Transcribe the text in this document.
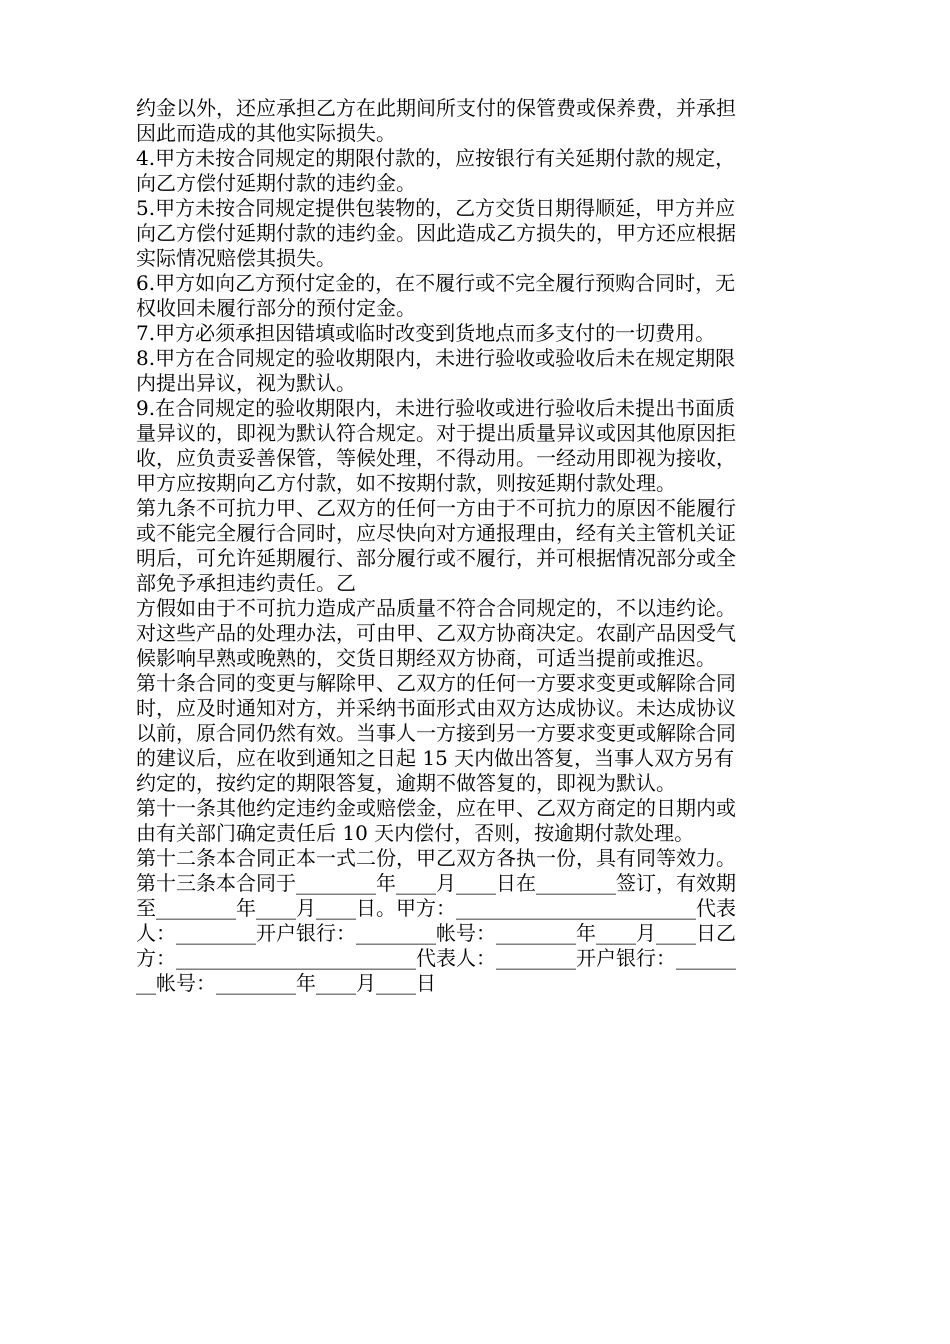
约金以外，还应承担乙方在此期间所支付的保管费或保养费，并承担
因此而造成的其他实际损失。
4.甲方未按合同规定的期限付款的，应按银行有关延期付款的规定，
向乙方偿付延期付款的违约金。
5.甲方未按合同规定提供包装物的，乙方交货日期得顺延，甲方并应
向乙方偿付延期付款的违约金。因此造成乙方损失的，甲方还应根据
实际情况赔偿其损失。
6.甲方如向乙方预付定金的，在不履行或不完全履行预购合同时，无
权收回未履行部分的预付定金。
7.甲方必须承担因错填或临时改变到货地点而多支付的一切费用。
8.甲方在合同规定的验收期限内，未进行验收或验收后未在规定期限
内提出异议，视为默认。
9.在合同规定的验收期限内，未进行验收或进行验收后未提出书面质
量异议的，即视为默认符合规定。对于提出质量异议或因其他原因拒
收，应负责妥善保管，等候处理，不得动用。一经动用即视为接收，
甲方应按期向乙方付款，如不按期付款，则按延期付款处理。
第九条不可抗力甲、乙双方的任何一方由于不可抗力的原因不能履行
或不能完全履行合同时，应尽快向对方通报理由，经有关主管机关证
明后，可允许延期履行、部分履行或不履行，并可根据情况部分或全
部免予承担违约责任。乙
方假如由于不可抗力造成产品质量不符合合同规定的，不以违约论。
对这些产品的处理办法，可由甲、乙双方协商决定。农副产品因受气
候影响早熟或晚熟的，交货日期经双方协商，可适当提前或推迟。
第十条合同的变更与解除甲、乙双方的任何一方要求变更或解除合同
时，应及时通知对方，并采纳书面形式由双方达成协议。未达成协议
以前，原合同仍然有效。当事人一方接到另一方要求变更或解除合同
的建议后，应在收到通知之日起 15 天内做出答复，当事人双方另有
约定的，按约定的期限答复，逾期不做答复的，即视为默认。
第十一条其他约定违约金或赔偿金，应在甲、乙双方商定的日期内或
由有关部门确定责任后 10 天内偿付，否则，按逾期付款处理。
第十二条本合同正本一式二份，甲乙双方各执一份，具有同等效力。
第十三条本合同于________年____月____日在________签订，有效期
至________年____月____日。甲方：________________________代表
人：________开户银行：________帐号：________年____月____日乙
方：________________________代表人：________开户银行：______
__帐号：________年____月____日
